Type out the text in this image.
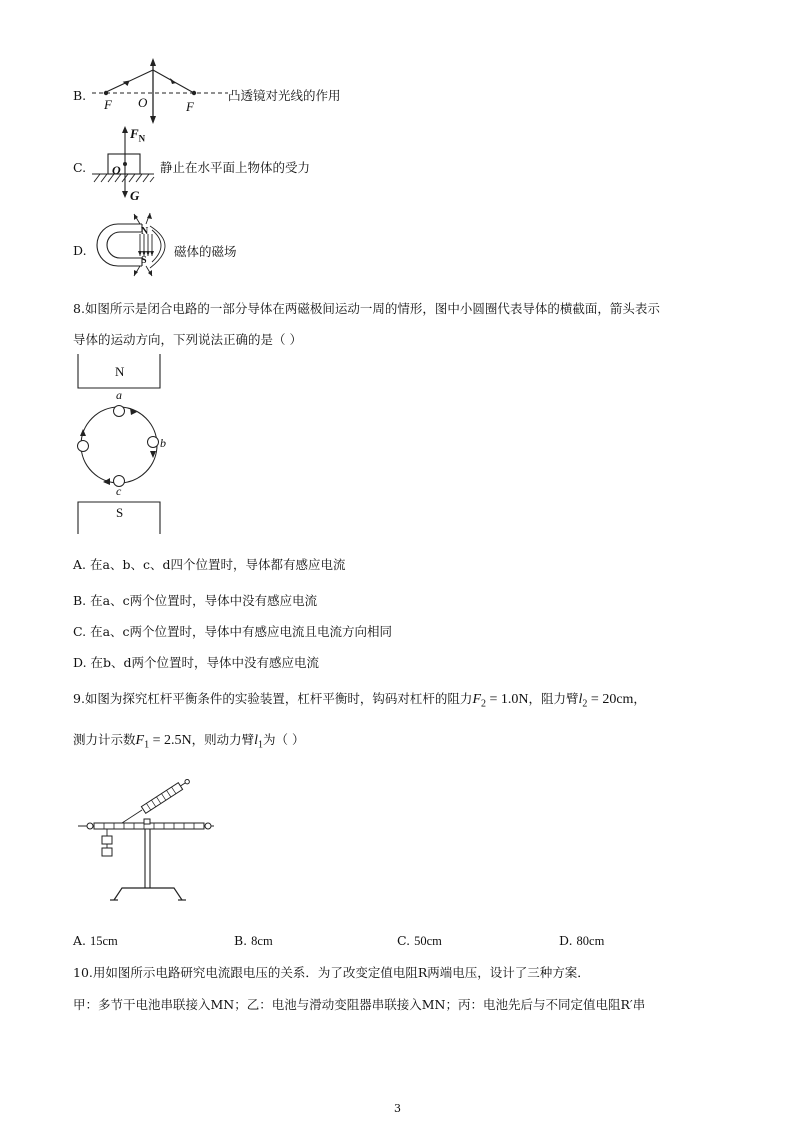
B.
F O	F
凸透镜对光线的作用
C.
$F_N$
O
G
静止在水平面上物体的受力
D.
N
S
磁体的磁场
8.如图所示是闭合电路的一部分导体在两磁极间运动一周的情形，图中小圆圈代表导体的横截面，箭头表示
导体的运动方向，下列说法正确的是（ ）
N
S
a
b
c
A. 在a、b、c、d四个位置时，导体都有感应电流
B. 在a、c两个位置时，导体中没有感应电流
C. 在a、c两个位置时，导体中有感应电流且电流方向相同
D. 在b、d两个位置时，导体中没有感应电流
9.如图为探究杠杆平衡条件的实验装置，杠杆平衡时，钩码对杠杆的阻力$F_2 = 1.0N$，阻力臂$l_2 = 20cm$，
测力计示数$F_1 = 2.5N$，则动力臂$l_1$为（ ）
A. 15cm	B. 8cm	C. 50cm	D. 80cm
10.用如图所示电路研究电流跟电压的关系．为了改变定值电阻R两端电压，设计了三种方案．
甲：多节干电池串联接入MN；乙：电池与滑动变阻器串联接入MN；丙：电池先后与不同定值电阻R′串
3
